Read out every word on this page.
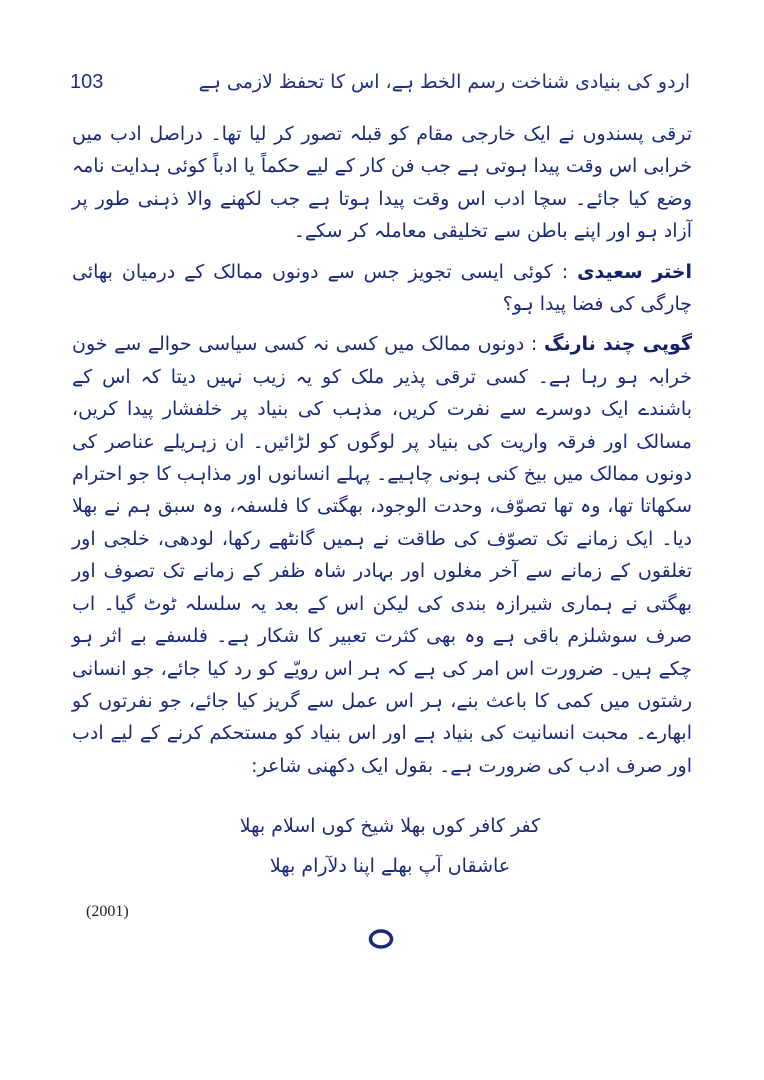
اردو کی بنیادی شناخت رسم الخط ہے، اس کا تحفظ لازمی ہے
103

ترقی پسندوں نے ایک خارجی مقام کو قبلہ تصور کر لیا تھا۔ دراصل ادب میں خرابی اس وقت پیدا ہوتی ہے جب فن کار کے لیے حکماً یا ادباً کوئی ہدایت نامہ وضع کیا جائے۔ سچا ادب اس وقت پیدا ہوتا ہے جب لکھنے والا ذہنی طور پر آزاد ہو اور اپنے باطن سے تخلیقی معاملہ کر سکے۔

اختر سعیدی : کوئی ایسی تجویز جس سے دونوں ممالک کے درمیان بھائی چارگی کی فضا پیدا ہو؟

گوپی چند نارنگ : دونوں ممالک میں کسی نہ کسی سیاسی حوالے سے خون خرابہ ہو رہا ہے۔ کسی ترقی پذیر ملک کو یہ زیب نہیں دیتا کہ اس کے باشندے ایک دوسرے سے نفرت کریں، مذہب کی بنیاد پر خلفشار پیدا کریں، مسالک اور فرقہ واریت کی بنیاد پر لوگوں کو لڑائیں۔ ان زہریلے عناصر کی دونوں ممالک میں بیخ کنی ہونی چاہیے۔ پہلے انسانوں اور مذاہب کا جو احترام سکھاتا تھا، وہ تھا تصوّف، وحدت الوجود، بھگتی کا فلسفہ، وہ سبق ہم نے بھلا دیا۔ ایک زمانے تک تصوّف کی طاقت نے ہمیں گانٹھے رکھا، لودھی، خلجی اور تغلقوں کے زمانے سے آخر مغلوں اور بہادر شاہ ظفر کے زمانے تک تصوف اور بھگتی نے ہماری شیرازہ بندی کی لیکن اس کے بعد یہ سلسلہ ٹوٹ گیا۔ اب صرف سوشلزم باقی ہے وہ بھی کثرت تعبیر کا شکار ہے۔ فلسفے بے اثر ہو چکے ہیں۔ ضرورت اس امر کی ہے کہ ہر اس رویّے کو رد کیا جائے، جو انسانی رشتوں میں کمی کا باعث بنے، ہر اس عمل سے گریز کیا جائے، جو نفرتوں کو ابھارے۔ محبت انسانیت کی بنیاد ہے اور اس بنیاد کو مستحکم کرنے کے لیے ادب اور صرف ادب کی ضرورت ہے۔ بقول ایک دکھنی شاعر:

کفر کافر کوں بھلا شیخ کوں اسلام بھلا
عاشقاں آپ بھلے اپنا دلآرام بھلا
(2001)
